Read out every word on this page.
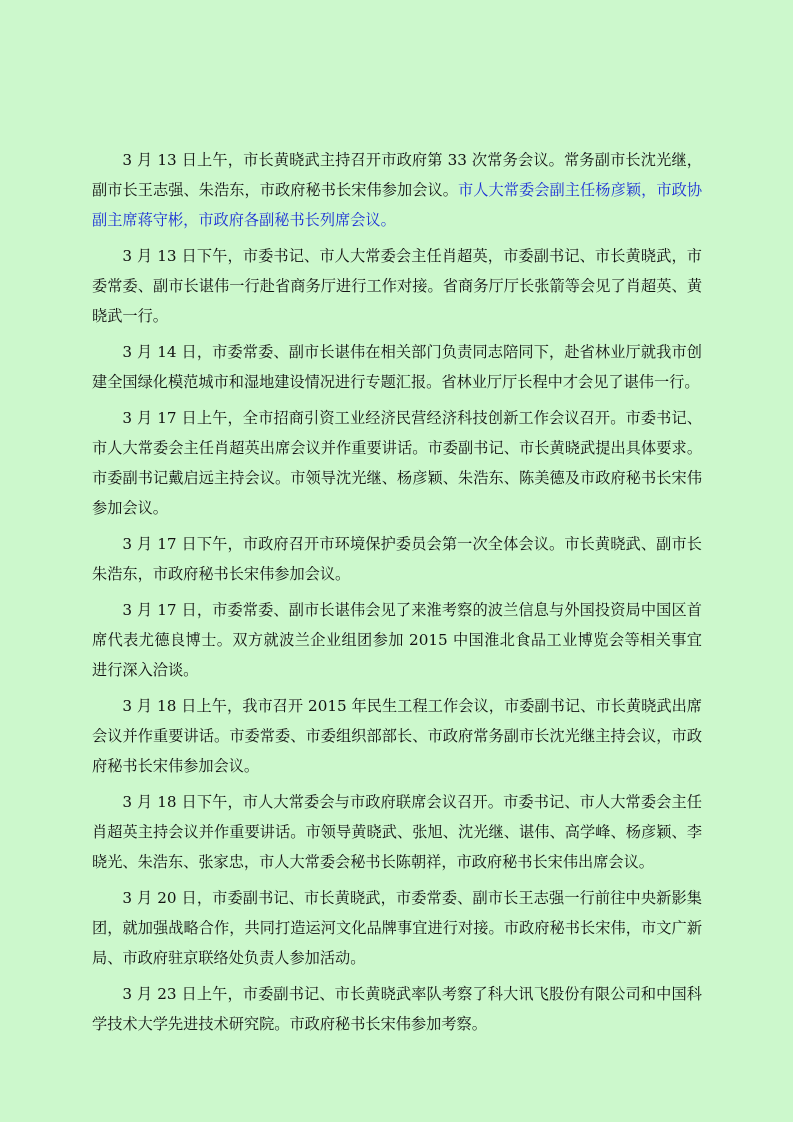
3 月 13 日上午，市长黄晓武主持召开市政府第 33 次常务会议。常务副市长沈光继，副市长王志强、朱浩东，市政府秘书长宋伟参加会议。市人大常委会副主任杨彦颖，市政协副主席蒋守彬，市政府各副秘书长列席会议。

3 月 13 日下午，市委书记、市人大常委会主任肖超英，市委副书记、市长黄晓武，市委常委、副市长谌伟一行赴省商务厅进行工作对接。省商务厅厅长张箭等会见了肖超英、黄晓武一行。

3 月 14 日，市委常委、副市长谌伟在相关部门负责同志陪同下，赴省林业厅就我市创建全国绿化模范城市和湿地建设情况进行专题汇报。省林业厅厅长程中才会见了谌伟一行。

3 月 17 日上午，全市招商引资工业经济民营经济科技创新工作会议召开。市委书记、市人大常委会主任肖超英出席会议并作重要讲话。市委副书记、市长黄晓武提出具体要求。市委副书记戴启远主持会议。市领导沈光继、杨彦颖、朱浩东、陈美德及市政府秘书长宋伟参加会议。

3 月 17 日下午，市政府召开市环境保护委员会第一次全体会议。市长黄晓武、副市长朱浩东，市政府秘书长宋伟参加会议。

3 月 17 日，市委常委、副市长谌伟会见了来淮考察的波兰信息与外国投资局中国区首席代表尤德良博士。双方就波兰企业组团参加 2015 中国淮北食品工业博览会等相关事宜进行深入洽谈。

3 月 18 日上午，我市召开 2015 年民生工程工作会议，市委副书记、市长黄晓武出席会议并作重要讲话。市委常委、市委组织部部长、市政府常务副市长沈光继主持会议，市政府秘书长宋伟参加会议。

3 月 18 日下午，市人大常委会与市政府联席会议召开。市委书记、市人大常委会主任肖超英主持会议并作重要讲话。市领导黄晓武、张旭、沈光继、谌伟、高学峰、杨彦颖、李晓光、朱浩东、张家忠，市人大常委会秘书长陈朝祥，市政府秘书长宋伟出席会议。

3 月 20 日，市委副书记、市长黄晓武，市委常委、副市长王志强一行前往中央新影集团，就加强战略合作，共同打造运河文化品牌事宜进行对接。市政府秘书长宋伟，市文广新局、市政府驻京联络处负责人参加活动。

3 月 23 日上午，市委副书记、市长黄晓武率队考察了科大讯飞股份有限公司和中国科学技术大学先进技术研究院。市政府秘书长宋伟参加考察。
